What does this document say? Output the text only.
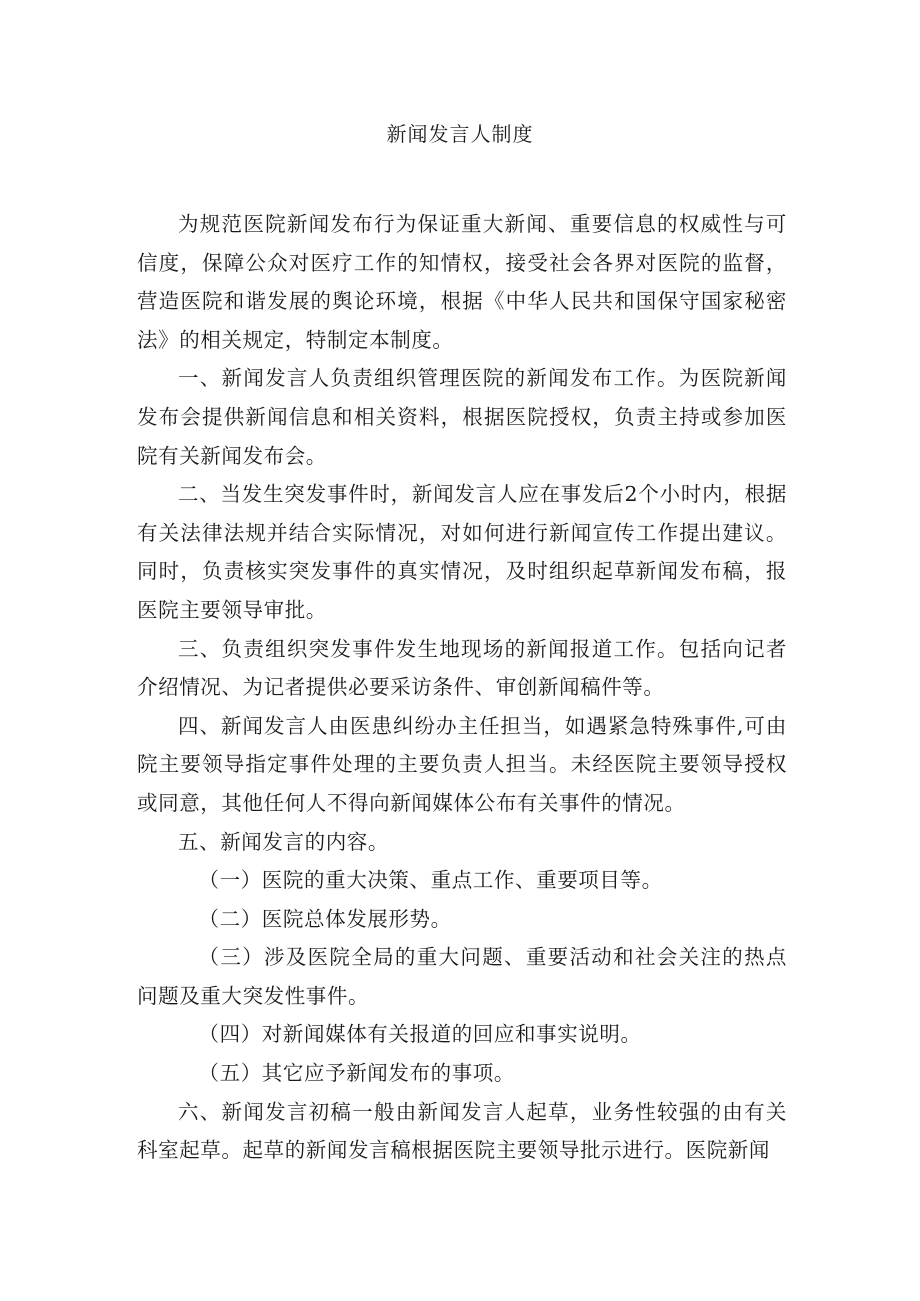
新闻发言人制度

为规范医院新闻发布行为保证重大新闻、重要信息的权威性与可信度，保障公众对医疗工作的知情权，接受社会各界对医院的监督，营造医院和谐发展的舆论环境，根据《中华人民共和国保守国家秘密法》的相关规定，特制定本制度。

一、新闻发言人负责组织管理医院的新闻发布工作。为医院新闻发布会提供新闻信息和相关资料，根据医院授权，负责主持或参加医院有关新闻发布会。

二、当发生突发事件时，新闻发言人应在事发后2个小时内，根据有关法律法规并结合实际情况，对如何进行新闻宣传工作提出建议。同时，负责核实突发事件的真实情况，及时组织起草新闻发布稿，报医院主要领导审批。

三、负责组织突发事件发生地现场的新闻报道工作。包括向记者介绍情况、为记者提供必要采访条件、审创新闻稿件等。

四、新闻发言人由医患纠纷办主任担当，如遇紧急特殊事件,可由院主要领导指定事件处理的主要负责人担当。未经医院主要领导授权或同意，其他任何人不得向新闻媒体公布有关事件的情况。

五、新闻发言的内容。

（一）医院的重大决策、重点工作、重要项目等。

（二）医院总体发展形势。

（三）涉及医院全局的重大问题、重要活动和社会关注的热点问题及重大突发性事件。

（四）对新闻媒体有关报道的回应和事实说明。

（五）其它应予新闻发布的事项。

六、新闻发言初稿一般由新闻发言人起草，业务性较强的由有关科室起草。起草的新闻发言稿根据医院主要领导批示进行。医院新闻
